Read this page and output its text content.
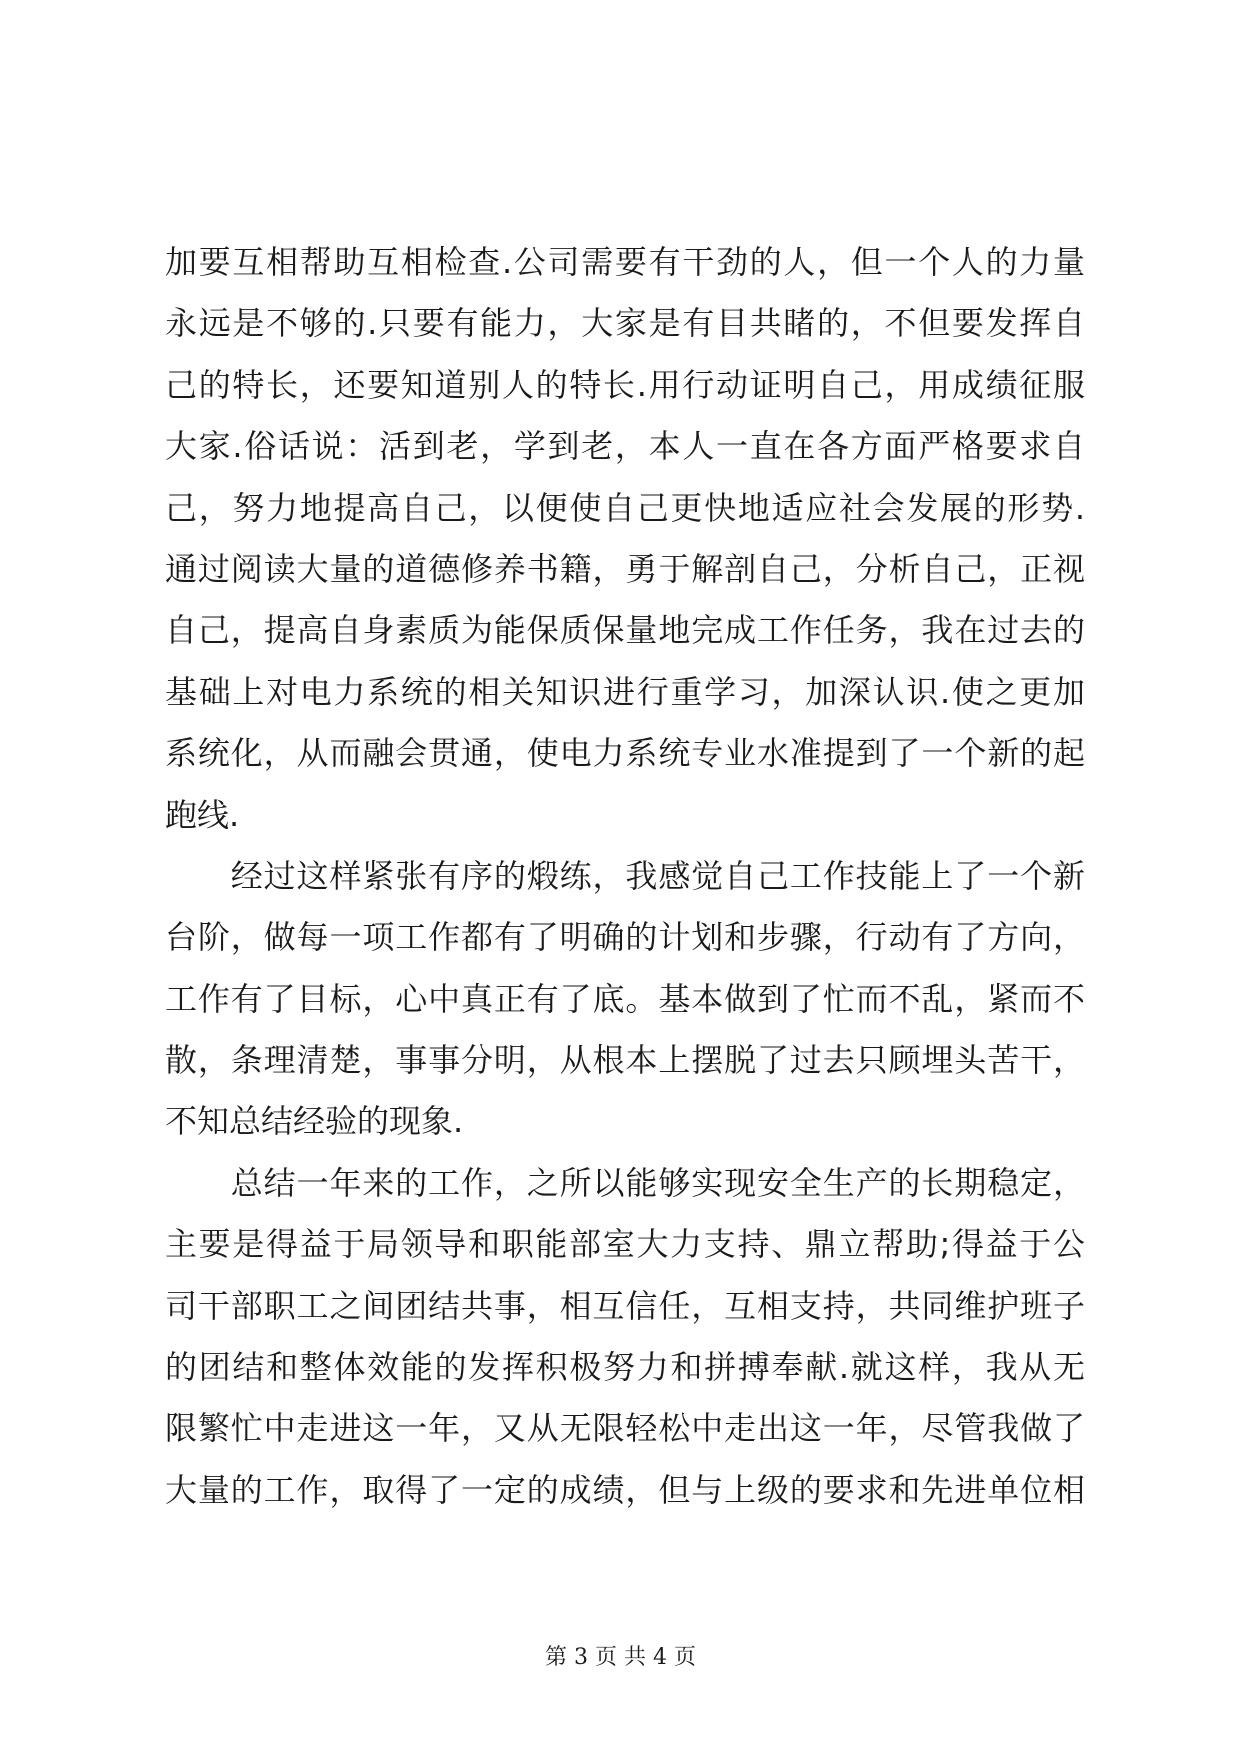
加要互相帮助互相检查.公司需要有干劲的人，但一个人的力量
永远是不够的.只要有能力，大家是有目共睹的，不但要发挥自
己的特长，还要知道别人的特长.用行动证明自己，用成绩征服
大家.俗话说：活到老，学到老，本人一直在各方面严格要求自
己，努力地提高自己，以便使自己更快地适应社会发展的形势.
通过阅读大量的道德修养书籍，勇于解剖自己，分析自己，正视
自己，提高自身素质为能保质保量地完成工作任务，我在过去的
基础上对电力系统的相关知识进行重学习，加深认识.使之更加
系统化，从而融会贯通，使电力系统专业水准提到了一个新的起
跑线.
　　经过这样紧张有序的煅练，我感觉自己工作技能上了一个新
台阶，做每一项工作都有了明确的计划和步骤，行动有了方向，
工作有了目标，心中真正有了底。基本做到了忙而不乱，紧而不
散，条理清楚，事事分明，从根本上摆脱了过去只顾埋头苦干，
不知总结经验的现象.
　　总结一年来的工作，之所以能够实现安全生产的长期稳定，
主要是得益于局领导和职能部室大力支持、鼎立帮助;得益于公
司干部职工之间团结共事，相互信任，互相支持，共同维护班子
的团结和整体效能的发挥积极努力和拼搏奉献.就这样，我从无
限繁忙中走进这一年，又从无限轻松中走出这一年，尽管我做了
大量的工作，取得了一定的成绩，但与上级的要求和先进单位相
第 3 页 共 4 页
